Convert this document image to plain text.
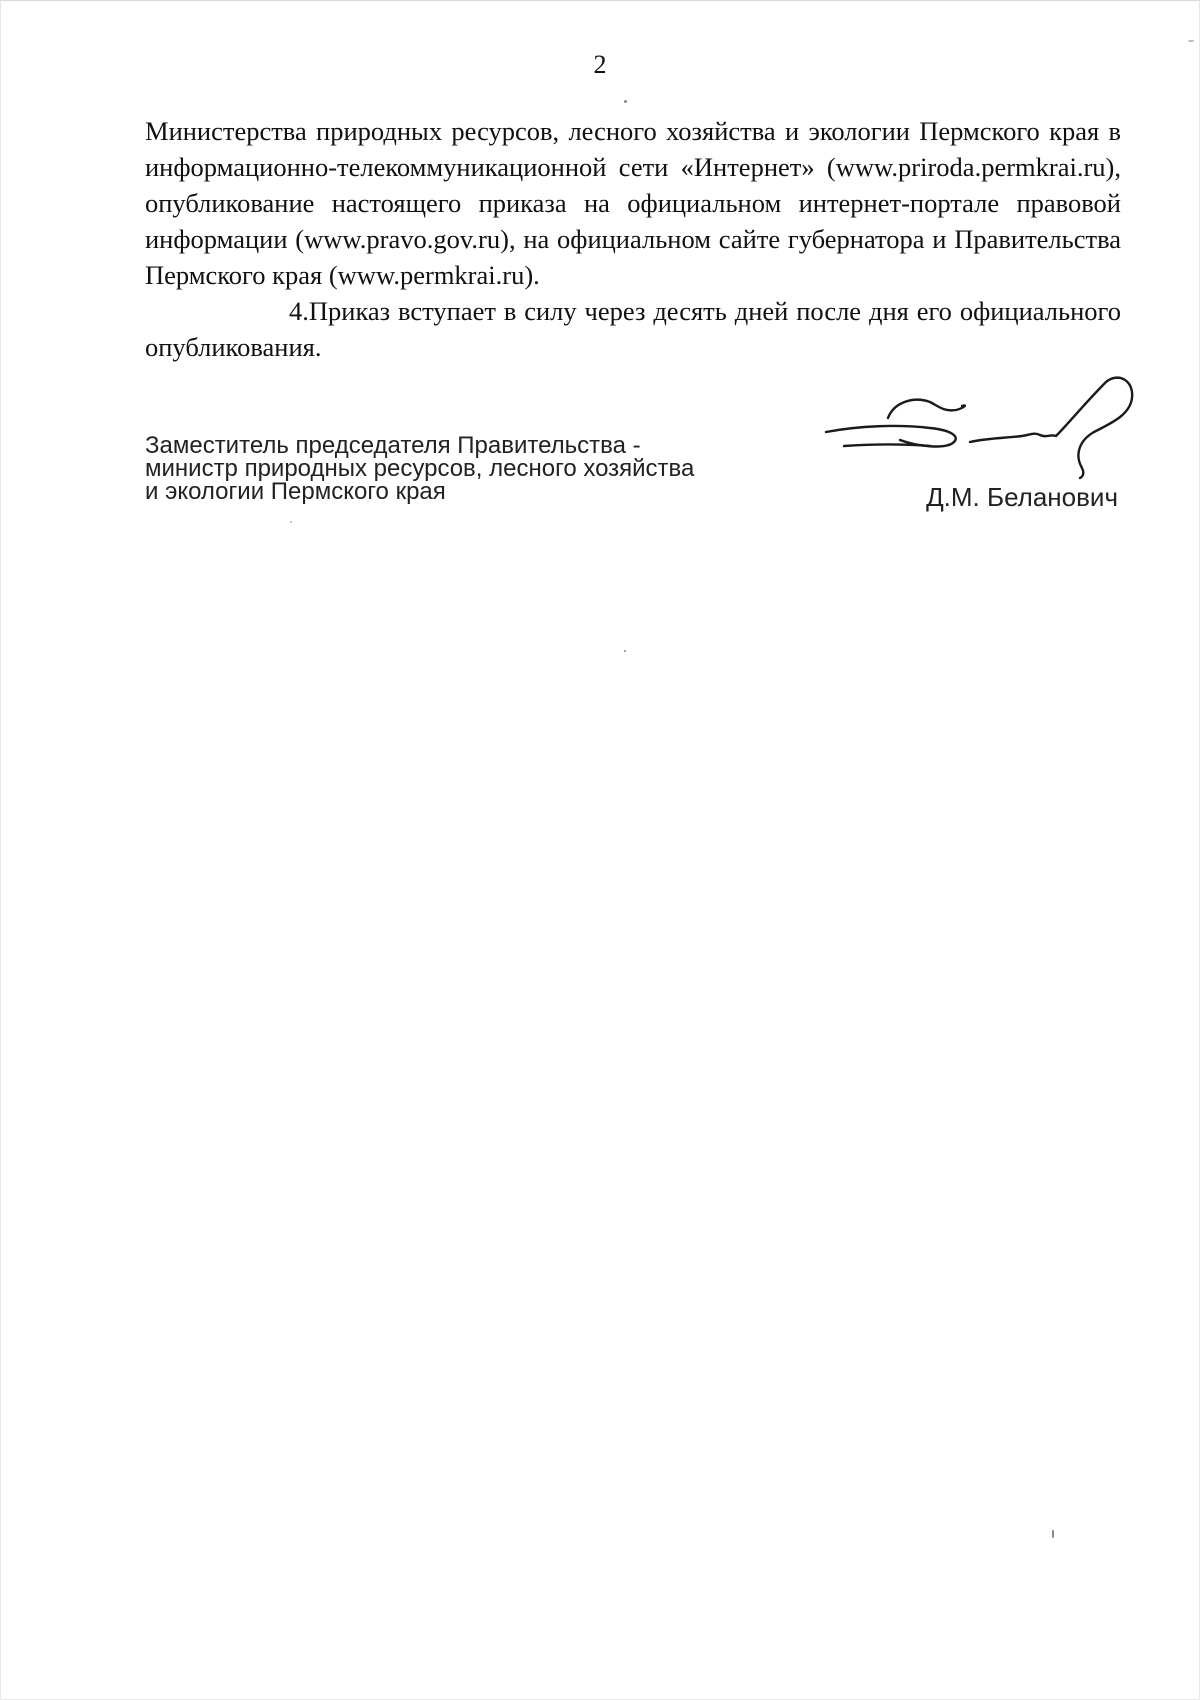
2

Министерства природных ресурсов, лесного хозяйства и экологии Пермского края в информационно-телекоммуникационной сети «Интернет» (www.priroda.permkrai.ru), опубликование настоящего приказа на официальном интернет-портале правовой информации (www.pravo.gov.ru), на официальном сайте губернатора и Правительства Пермского края (www.permkrai.ru).

4.Приказ вступает в силу через десять дней после дня его официального опубликования.

Заместитель председателя Правительства -
министр природных ресурсов, лесного хозяйства
и экологии Пермского края	Д.М. Беланович
